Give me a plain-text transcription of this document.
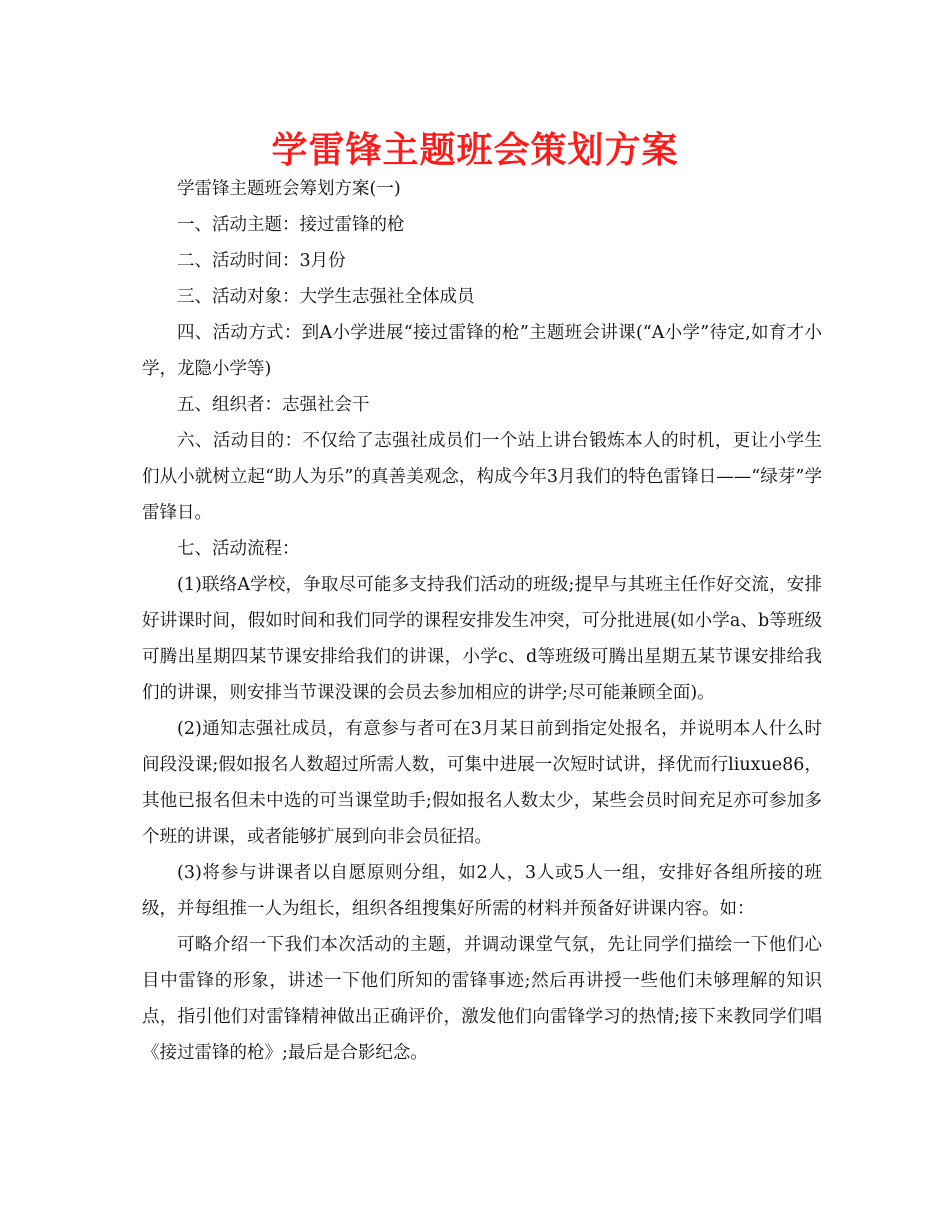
学雷锋主题班会策划方案

学雷锋主题班会筹划方案(一)

一、活动主题：接过雷锋的枪

二、活动时间：3月份

三、活动对象：大学生志强社全体成员

四、活动方式：到A小学进展“接过雷锋的枪”主题班会讲课(“A小学”待定,如育才小学，龙隐小学等)

五、组织者：志强社会干

六、活动目的：不仅给了志强社成员们一个站上讲台锻炼本人的时机，更让小学生们从小就树立起“助人为乐”的真善美观念，构成今年3月我们的特色雷锋日——“绿芽”学雷锋日。

七、活动流程：

(1)联络A学校，争取尽可能多支持我们活动的班级;提早与其班主任作好交流，安排好讲课时间，假如时间和我们同学的课程安排发生冲突，可分批进展(如小学a、b等班级可腾出星期四某节课安排给我们的讲课，小学c、d等班级可腾出星期五某节课安排给我们的讲课，则安排当节课没课的会员去参加相应的讲学;尽可能兼顾全面)。

(2)通知志强社成员，有意参与者可在3月某日前到指定处报名，并说明本人什么时间段没课;假如报名人数超过所需人数，可集中进展一次短时试讲，择优而行liuxue86，其他已报名但未中选的可当课堂助手;假如报名人数太少，某些会员时间充足亦可参加多个班的讲课，或者能够扩展到向非会员征招。

(3)将参与讲课者以自愿原则分组，如2人，3人或5人一组，安排好各组所接的班级，并每组推一人为组长，组织各组搜集好所需的材料并预备好讲课内容。如：

可略介绍一下我们本次活动的主题，并调动课堂气氛，先让同学们描绘一下他们心目中雷锋的形象，讲述一下他们所知的雷锋事迹;然后再讲授一些他们未够理解的知识点，指引他们对雷锋精神做出正确评价，激发他们向雷锋学习的热情;接下来教同学们唱《接过雷锋的枪》;最后是合影纪念。
